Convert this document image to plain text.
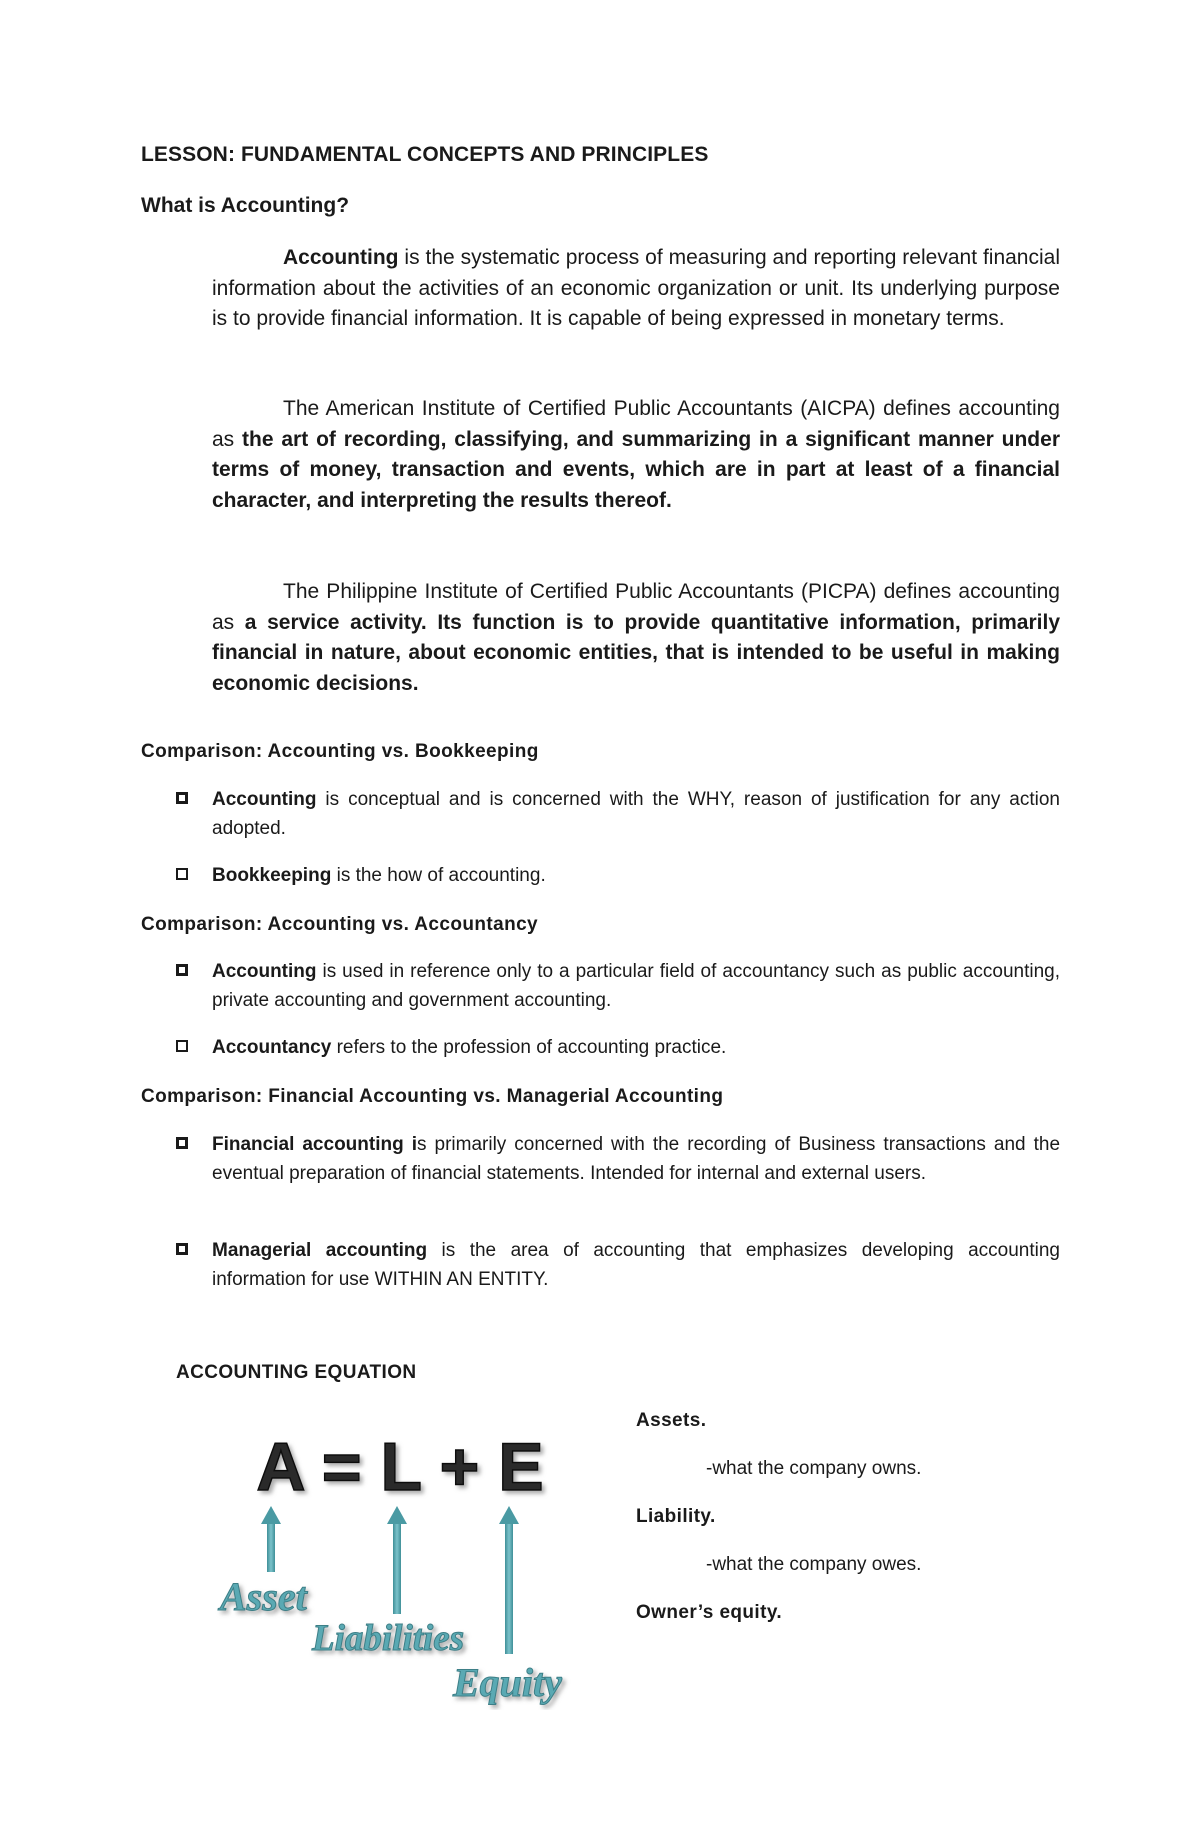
LESSON: FUNDAMENTAL CONCEPTS AND PRINCIPLES
What is Accounting?
Accounting is the systematic process of measuring and reporting relevant financial information about the activities of an economic organization or unit. Its underlying purpose is to provide financial information. It is capable of being expressed in monetary terms.
The American Institute of Certified Public Accountants (AICPA) defines accounting as the art of recording, classifying, and summarizing in a significant manner under terms of money, transaction and events, which are in part at least of a financial character, and interpreting the results thereof.
The Philippine Institute of Certified Public Accountants (PICPA) defines accounting as a service activity. Its function is to provide quantitative information, primarily financial in nature, about economic entities, that is intended to be useful in making economic decisions.
Comparison: Accounting vs. Bookkeeping
Accounting is conceptual and is concerned with the WHY, reason of justification for any action adopted.
Bookkeeping is the how of accounting.
Comparison: Accounting vs. Accountancy
Accounting is used in reference only to a particular field of accountancy such as public accounting, private accounting and government accounting.
Accountancy refers to the profession of accounting practice.
Comparison: Financial Accounting vs. Managerial Accounting
Financial accounting is primarily concerned with the recording of Business transactions and the eventual preparation of financial statements. Intended for internal and external users.
Managerial accounting is the area of accounting that emphasizes developing accounting information for use WITHIN AN ENTITY.
ACCOUNTING EQUATION
A = L + E
Asset
Liabilities
Equity
Assets.
-what the company owns.
Liability.
-what the company owes.
Owner’s equity.
